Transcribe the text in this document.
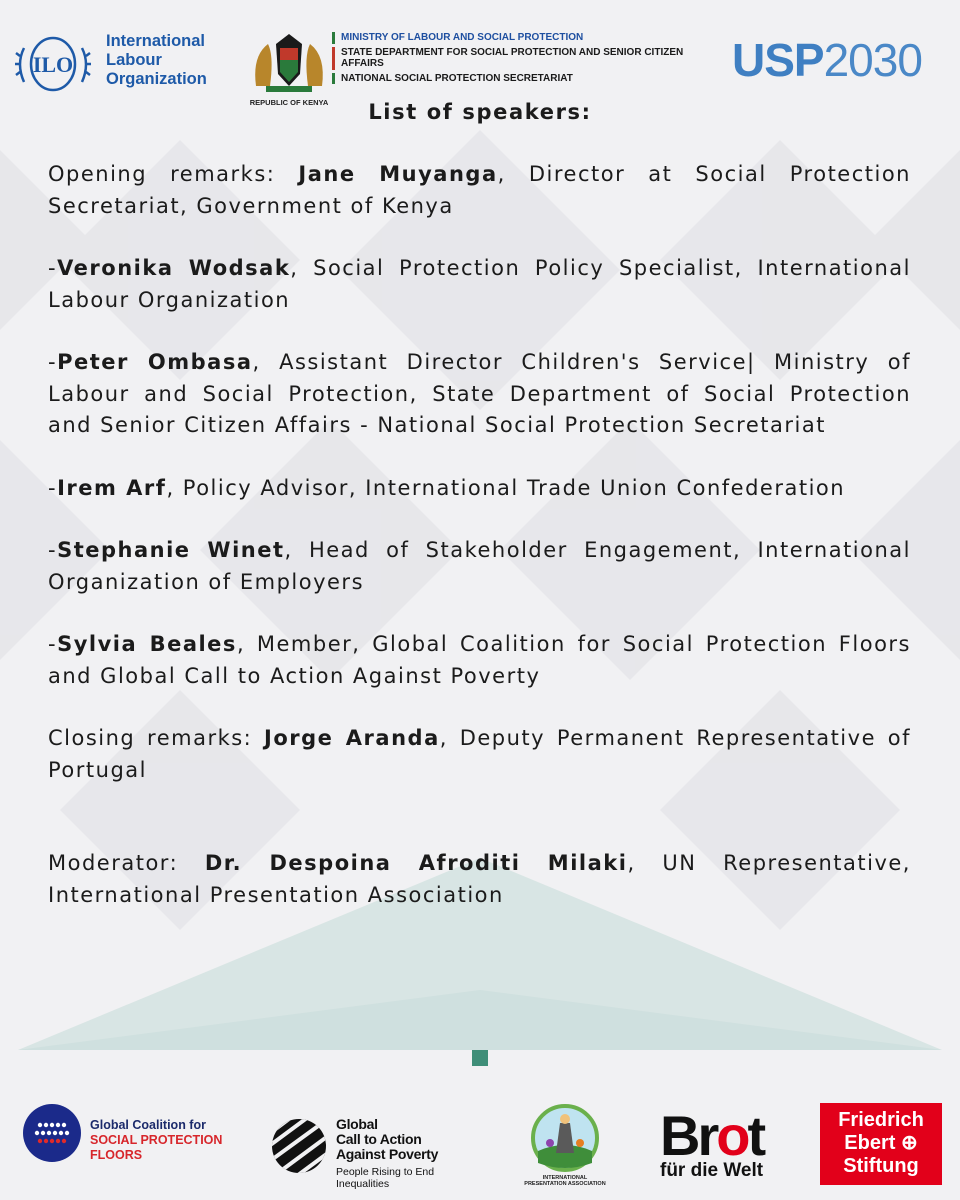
ILO
International
Labour
Organization
REPUBLIC OF KENYA
MINISTRY OF LABOUR AND SOCIAL PROTECTION
STATE DEPARTMENT FOR SOCIAL PROTECTION AND SENIOR CITIZEN AFFAIRS
NATIONAL SOCIAL PROTECTION SECRETARIAT	USP2030
List of speakers:

Opening remarks: Jane Muyanga, Director at Social Protection Secretariat, Government of Kenya

-Veronika Wodsak, Social Protection Policy Specialist, International Labour Organization

-Peter Ombasa, Assistant Director Children's Service| Ministry of Labour and Social Protection, State Department of Social Protection and Senior Citizen Affairs - National Social Protection Secretariat

-Irem Arf, Policy Advisor, International Trade Union Confederation

-Stephanie Winet, Head of Stakeholder Engagement, International Organization of Employers

-Sylvia Beales, Member, Global Coalition for Social Protection Floors and Global Call to Action Against Poverty

Closing remarks: Jorge Aranda, Deputy Permanent Representative of Portugal

Moderator: Dr. Despoina Afroditi Milaki, UN Representative, International Presentation Association

Global Coalition for
SOCIAL PROTECTION FLOORS
Global
Call to Action
Against Poverty
People Rising to End Inequalities	INTERNATIONAL PRESENTATION ASSOCIATION
Brot
für die Welt
Friedrich
Ebert ⊕
Stiftung
